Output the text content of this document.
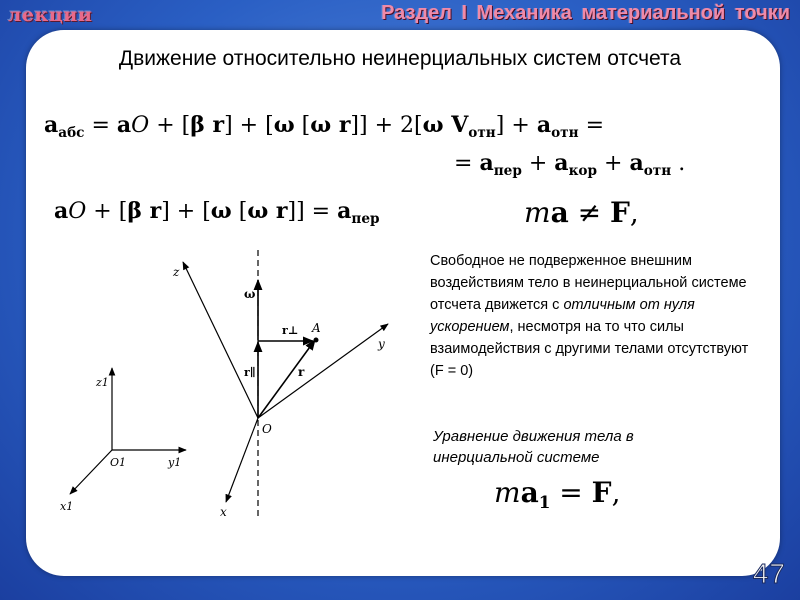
лекции	Раздел I Механика материальной точки
Движение относительно неинерциальных систем отсчета
$a_{абс}$ = aO + [β r] + [ω [ω r]] + 2[ω $V_{отн}] + a_{отн}$ =
= $a_{пер} + a_{кор} + a_{отн}$ .
aO + [β r] + [ω [ω $r]] = a_{пер}$	ma ≠ F,
Свободное не подверженное внешним воздействиям тело в неинерциальной системе отсчета движется с отличным от нуля ускорением, несмотря на то что силы взаимодействия с другими телами отсутствуют (F = 0)
Уравнение движения тела в инерциальной системе
$ma_1 = F$,
z
y
x
O
A
ω
r
r∥
r⊥
z1
y1
x1
O1
47
